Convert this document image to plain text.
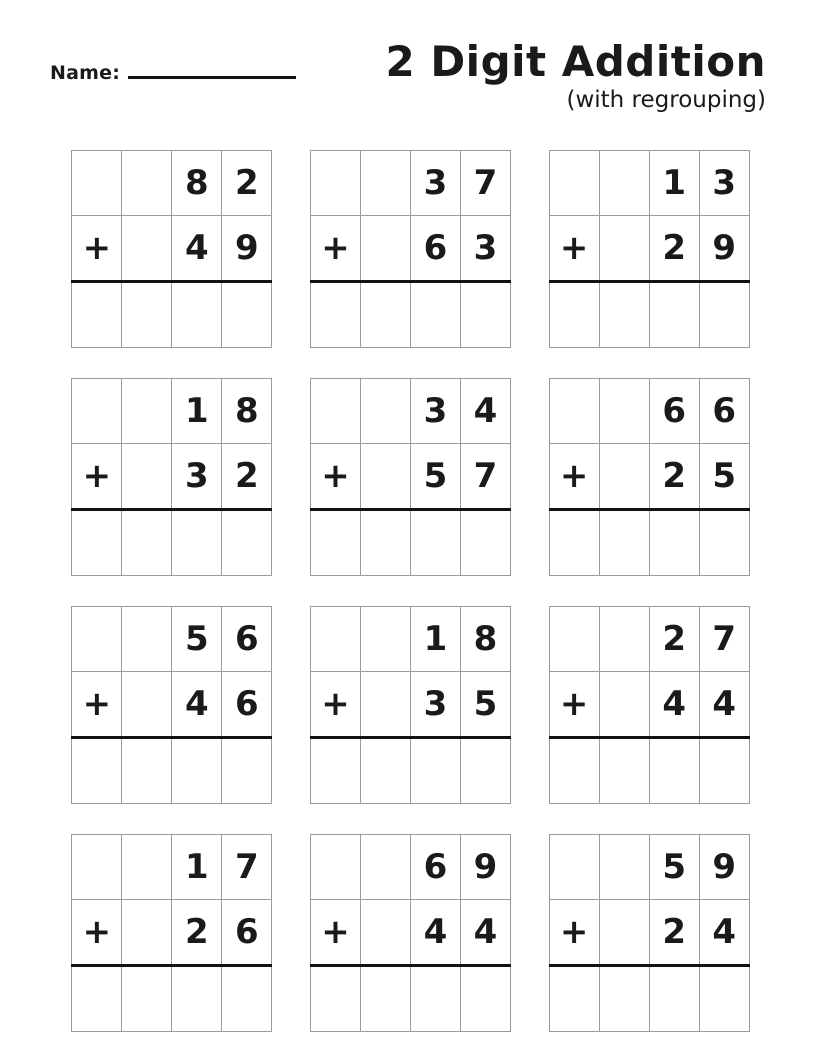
Name:	2 Digit Addition
(with regrouping)
		8	2
+		4	9

		3	7
+		6	3

		1	3
+		2	9

		1	8
+		3	2

		3	4
+		5	7

		6	6
+		2	5

		5	6
+		4	6

		1	8
+		3	5

		2	7
+		4	4

		1	7
+		2	6

		6	9
+		4	4

		5	9
+		2	4
